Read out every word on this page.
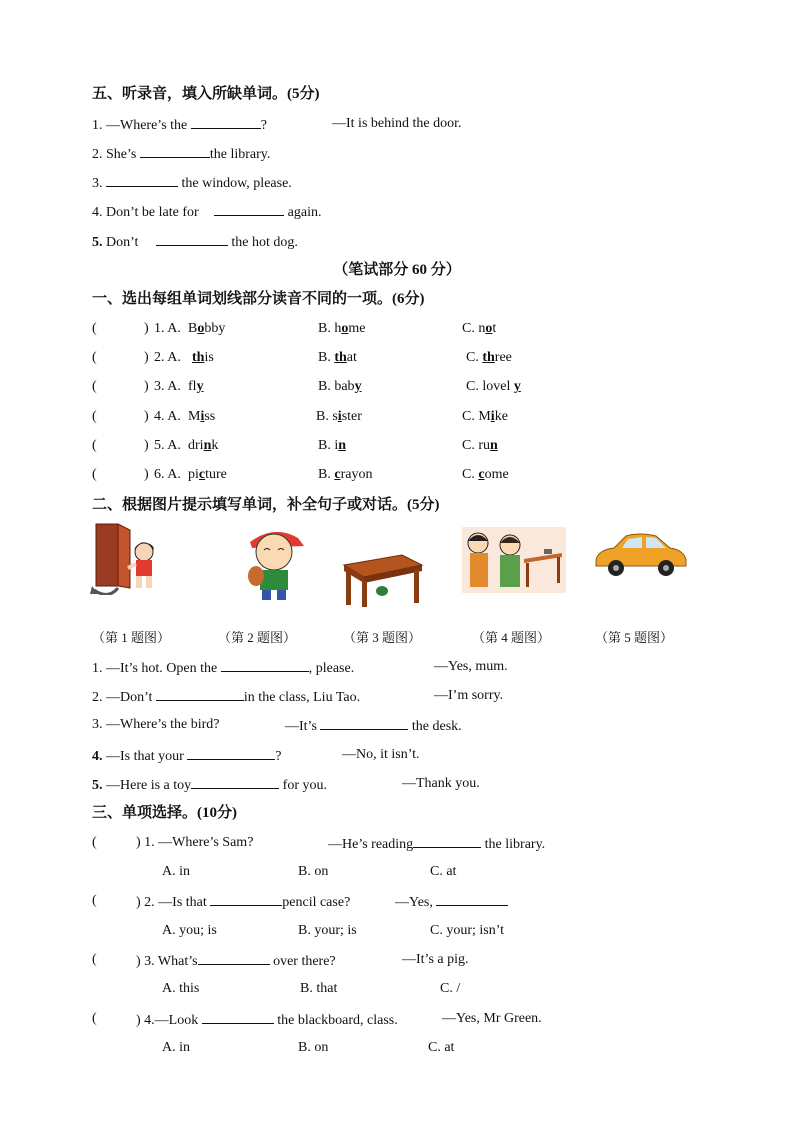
五、听录音，填入所缺单词。(5分)
1. —Where’s the	?	—It is behind the door.
2. She’s	the library.
3.	the window, please.
4. Don’t be late for	again.
5. Don’t	the hot dog.
（笔试部分 60 分）
一、选出每组单词划线部分读音不同的一项。(6分)
(	) 1. A. Bobby	B. home	C. not
(	) 2. A. this	B. that	C. three
(	) 3. A. fly	B. baby	C. lovel y
(	) 4. A. Miss	B. sister	C. Mike
(	) 5. A. drink	B. in	C. run
(	) 6. A. picture	B. crayon	C. come
二、根据图片提示填写单词，补全句子或对话。(5分)
（第 1 题图）	（第 2 题图）	（第 3 题图）	（第 4 题图）	（第 5 题图）
1. —It’s hot. Open the	, please.	—Yes, mum.
2. —Don’t	in the class, Liu Tao.	—I’m sorry.
3. —Where’s the bird?	—It’s	the desk.
4. —Is that your	?	—No, it isn’t.
5. —Here is a toy	for you.	—Thank you.
三、单项选择。(10分)
(	) 1. —Where’s Sam?	—He’s reading	the library.
A. in	B. on	C. at
(	) 2. —Is that	pencil case?	—Yes,
A. you; is	B. your; is	C. your; isn’t
(	) 3. What’s	over there?	—It’s a pig.
A. this	B. that	C. /
(	) 4.—Look	the blackboard, class.	—Yes, Mr Green.
A. in	B. on	C. at
